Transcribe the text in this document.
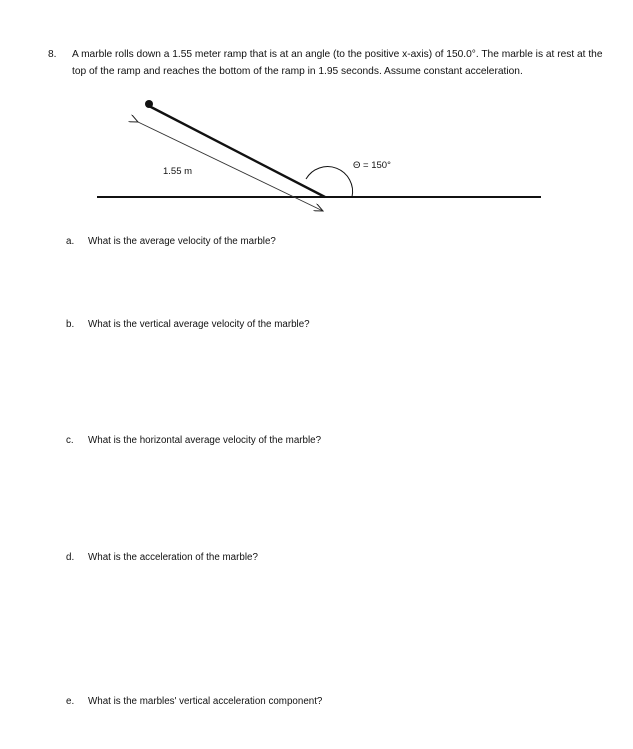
8. A marble rolls down a 1.55 meter ramp that is at an angle (to the positive x-axis) of 150.0°. The marble is at rest at the top of the ramp and reaches the bottom of the ramp in 1.95 seconds. Assume constant acceleration.
1.55 m
Θ = 150°
a. What is the average velocity of the marble?
b. What is the vertical average velocity of the marble?
c. What is the horizontal average velocity of the marble?
d. What is the acceleration of the marble?
e. What is the marbles' vertical acceleration component?
